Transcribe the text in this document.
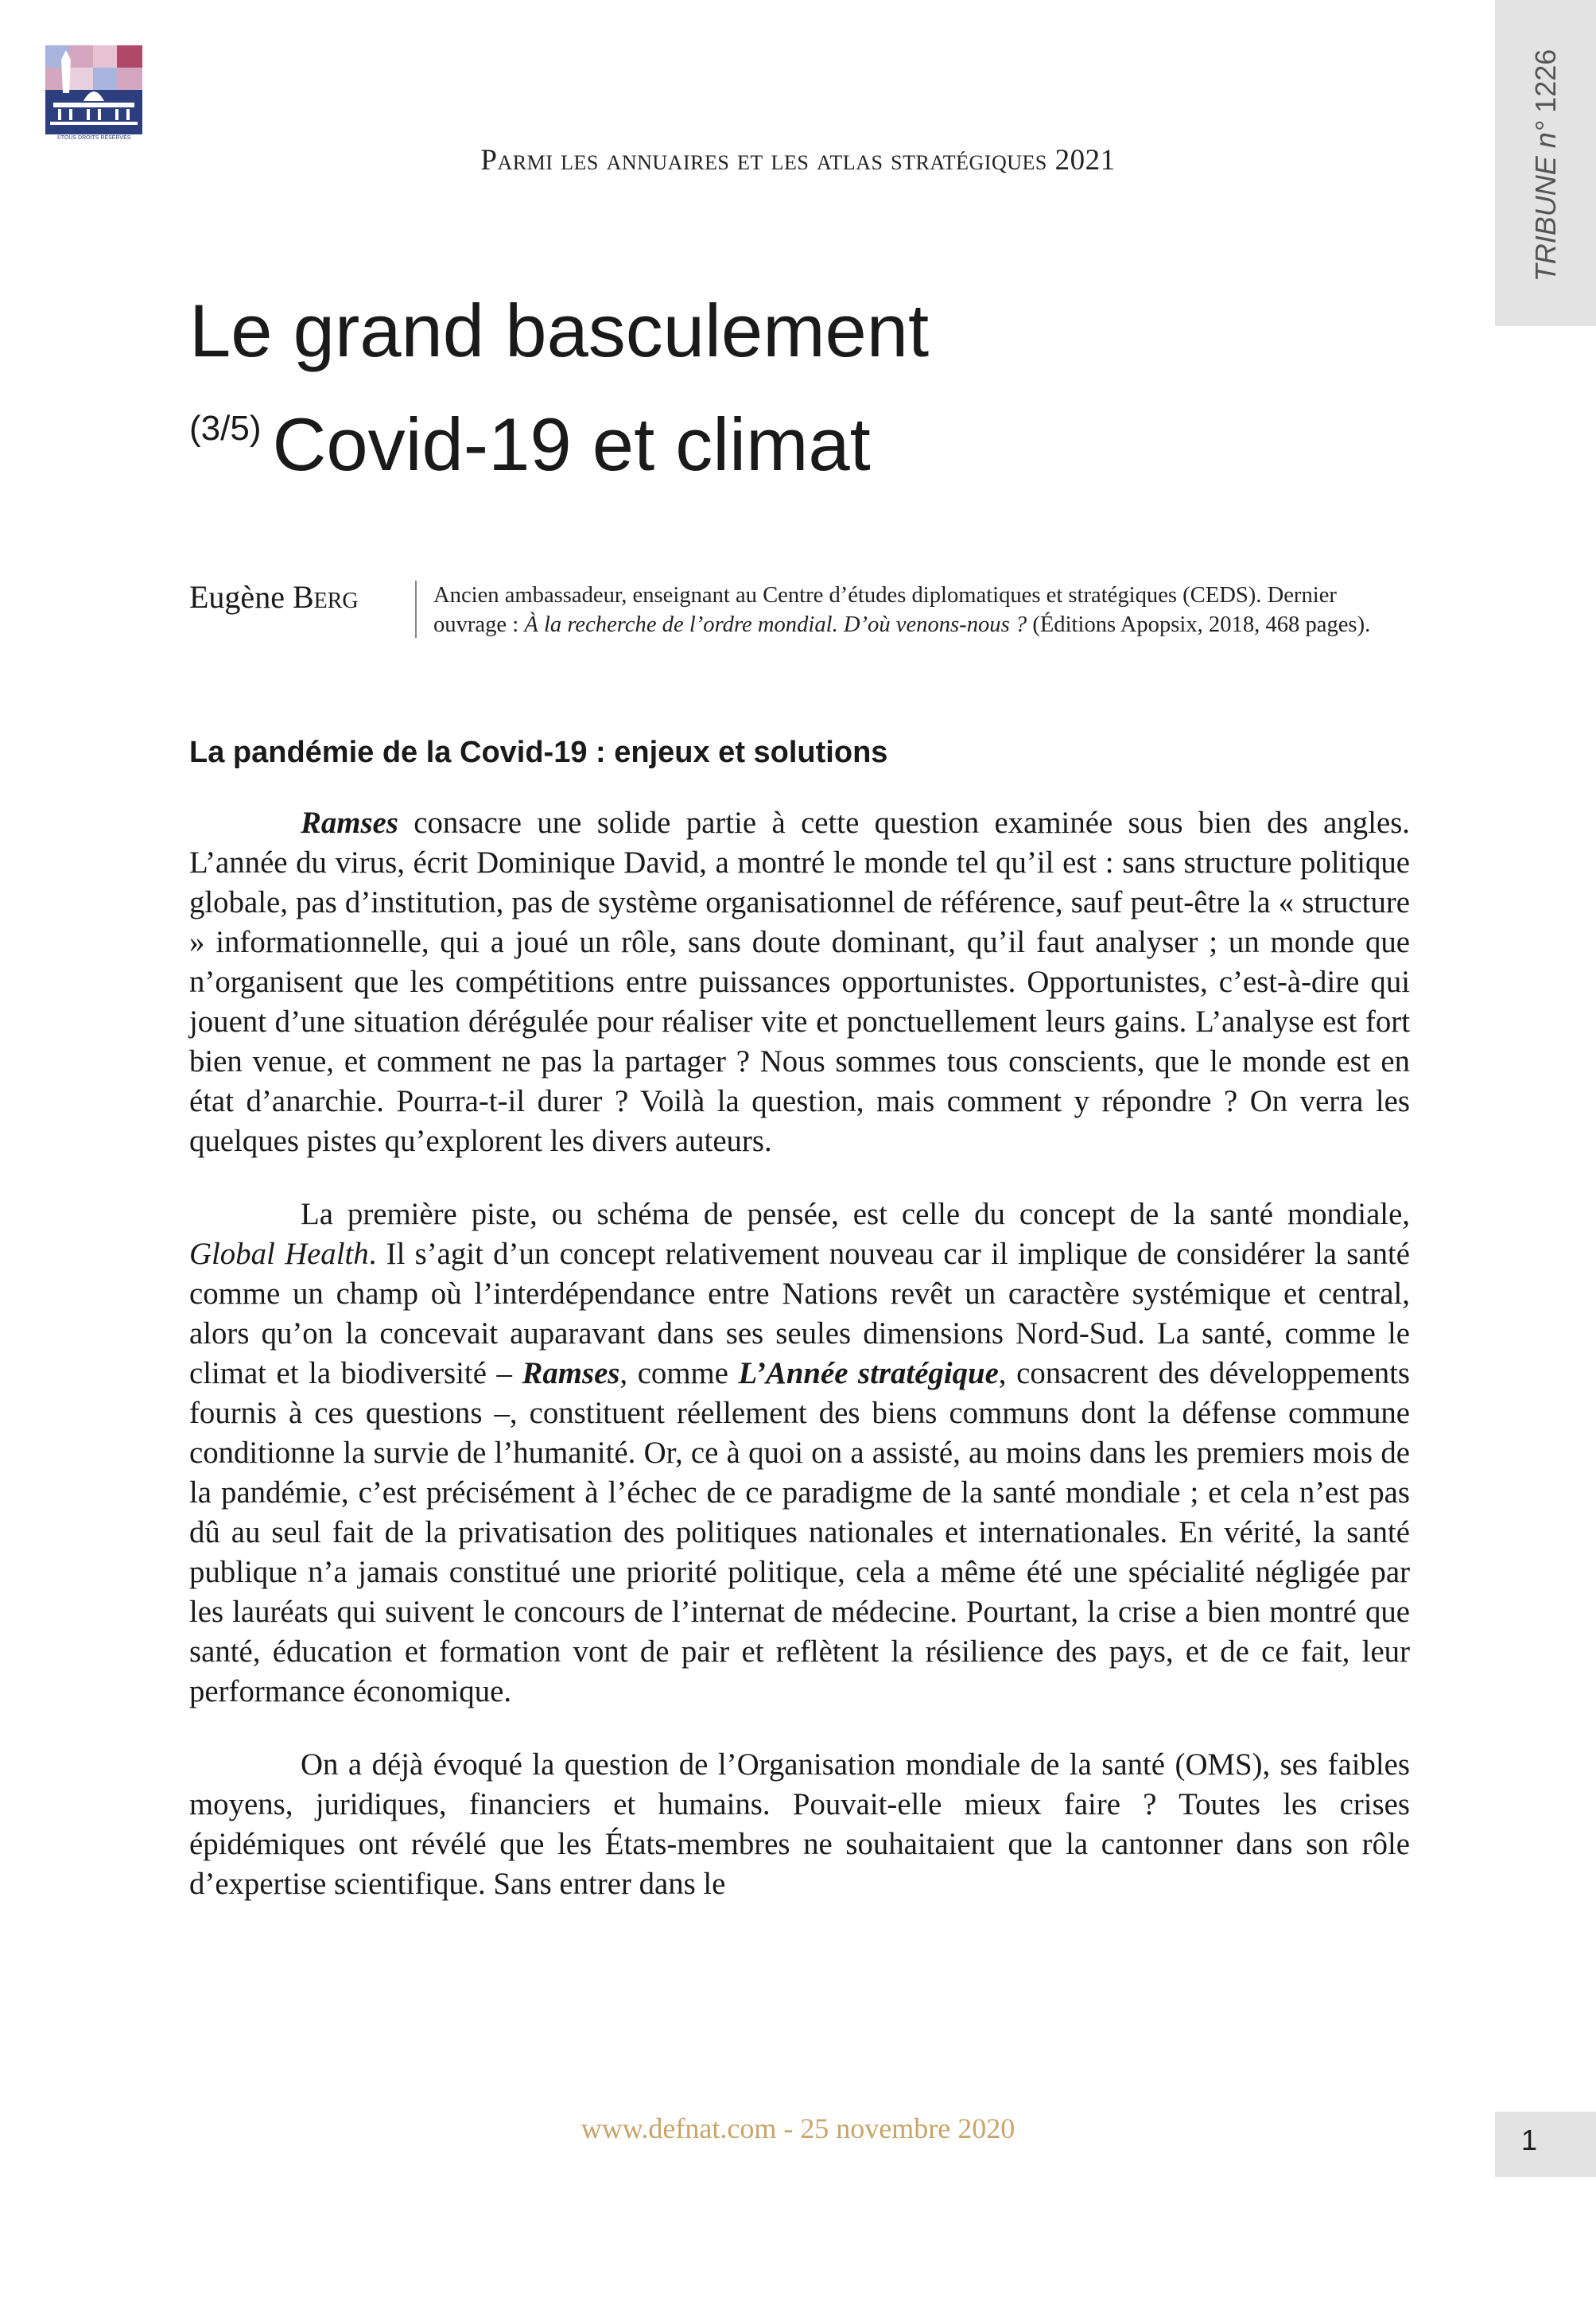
©TOUS DROITS RÉSERVÉS	TRIBUNE n° 1226
Parmi les annuaires et les atlas stratégiques 2021
Le grand basculement
$^{(3/5)}$ Covid-19 et climat
Eugène Berg	Ancien ambassadeur, enseignant au Centre d’études diplomatiques et stratégiques (CEDS). Dernier ouvrage : À la recherche de l’ordre mondial. D’où venons-nous ? (Éditions Apopsix, 2018, 468 pages).
La pandémie de la Covid-19 : enjeux et solutions

Ramses consacre une solide partie à cette question examinée sous bien des angles. L’année du virus, écrit Dominique David, a montré le monde tel qu’il est : sans structure politique globale, pas d’institution, pas de système organisationnel de référence, sauf peut-être la « structure » informationnelle, qui a joué un rôle, sans doute dominant, qu’il faut analyser ; un monde que n’organisent que les compétitions entre puissances opportunistes. Opportunistes, c’est-à-dire qui jouent d’une situation dérégulée pour réaliser vite et ponctuellement leurs gains. L’analyse est fort bien venue, et comment ne pas la partager ? Nous sommes tous conscients, que le monde est en état d’anarchie. Pourra-t-il durer ? Voilà la question, mais comment y répondre ? On verra les quelques pistes qu’explorent les divers auteurs.

La première piste, ou schéma de pensée, est celle du concept de la santé mondiale, Global Health. Il s’agit d’un concept relativement nouveau car il implique de considérer la santé comme un champ où l’interdépendance entre Nations revêt un caractère systémique et central, alors qu’on la concevait auparavant dans ses seules dimensions Nord-Sud. La santé, comme le climat et la biodiversité – Ramses, comme L’Année stratégique, consacrent des développements fournis à ces questions –, constituent réellement des biens communs dont la défense commune conditionne la survie de l’humanité. Or, ce à quoi on a assisté, au moins dans les premiers mois de la pandémie, c’est précisément à l’échec de ce paradigme de la santé mondiale ; et cela n’est pas dû au seul fait de la privatisation des politiques nationales et internationales. En vérité, la santé publique n’a jamais constitué une priorité politique, cela a même été une spécialité négligée par les lauréats qui suivent le concours de l’internat de médecine. Pourtant, la crise a bien montré que santé, éducation et formation vont de pair et reflètent la résilience des pays, et de ce fait, leur performance économique.

On a déjà évoqué la question de l’Organisation mondiale de la santé (OMS), ses faibles moyens, juridiques, financiers et humains. Pouvait-elle mieux faire ? Toutes les crises épidémiques ont révélé que les États-membres ne souhaitaient que la cantonner dans son rôle d’expertise scientifique. Sans entrer dans le

www.defnat.com - 25 novembre 2020	1
